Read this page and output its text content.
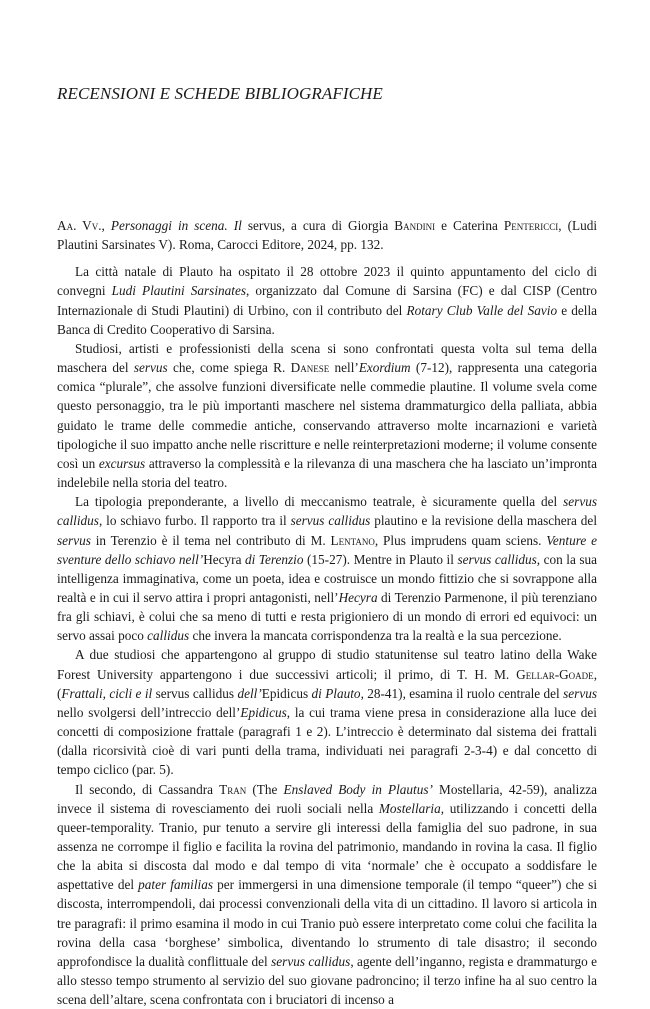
RECENSIONI E SCHEDE BIBLIOGRAFICHE

Aa. Vv., Personaggi in scena. Il servus, a cura di Giorgia Bandini e Caterina Pentericci, (Ludi Plautini Sarsinates V). Roma, Carocci Editore, 2024, pp. 132.

La città natale di Plauto ha ospitato il 28 ottobre 2023 il quinto appuntamento del ciclo di convegni Ludi Plautini Sarsinates, organizzato dal Comune di Sarsina (FC) e dal CISP (Centro Internazionale di Studi Plautini) di Urbino, con il contributo del Rotary Club Valle del Savio e della Banca di Credito Cooperativo di Sarsina.

Studiosi, artisti e professionisti della scena si sono confrontati questa volta sul tema della maschera del servus che, come spiega R. Danese nell’Exordium (7-12), rappresenta una categoria comica “plurale”, che assolve funzioni diversificate nelle commedie plautine. Il volume svela come questo personaggio, tra le più importanti maschere nel sistema drammaturgico della palliata, abbia guidato le trame delle commedie antiche, conservando attraverso molte incarnazioni e varietà tipologiche il suo impatto anche nelle riscritture e nelle reinterpretazioni moderne; il volume consente così un excursus attraverso la complessità e la rilevanza di una maschera che ha lasciato un’impronta indelebile nella storia del teatro.

La tipologia preponderante, a livello di meccanismo teatrale, è sicuramente quella del servus callidus, lo schiavo furbo. Il rapporto tra il servus callidus plautino e la revisione della maschera del servus in Terenzio è il tema nel contributo di M. Lentano, Plus imprudens quam sciens. Venture e sventure dello schiavo nell’Hecyra di Terenzio (15-27). Mentre in Plauto il servus callidus, con la sua intelligenza immaginativa, come un poeta, idea e costruisce un mondo fittizio che si sovrappone alla realtà e in cui il servo attira i propri antagonisti, nell’Hecyra di Terenzio Parmenone, il più terenziano fra gli schiavi, è colui che sa meno di tutti e resta prigioniero di un mondo di errori ed equivoci: un servo assai poco callidus che invera la mancata corrispondenza tra la realtà e la sua percezione.

A due studiosi che appartengono al gruppo di studio statunitense sul teatro latino della Wake Forest University appartengono i due successivi articoli; il primo, di T. H. M. Gellar-Goade, (Frattali, cicli e il servus callidus dell’Epidicus di Plauto, 28-41), esamina il ruolo centrale del servus nello svolgersi dell’intreccio dell’Epidicus, la cui trama viene presa in considerazione alla luce dei concetti di composizione frattale (paragrafi 1 e 2). L’intreccio è determinato dal sistema dei frattali (dalla ricorsività cioè di vari punti della trama, individuati nei paragrafi 2-3-4) e dal concetto di tempo ciclico (par. 5).

Il secondo, di Cassandra Tran (The Enslaved Body in Plautus’ Mostellaria, 42-59), analizza invece il sistema di rovesciamento dei ruoli sociali nella Mostellaria, utilizzando i concetti della queer-temporality. Tranio, pur tenuto a servire gli interessi della famiglia del suo padrone, in sua assenza ne corrompe il figlio e facilita la rovina del patrimonio, mandando in rovina la casa. Il figlio che la abita si discosta dal modo e dal tempo di vita ‘normale’ che è occupato a soddisfare le aspettative del pater familias per immergersi in una dimensione temporale (il tempo “queer”) che si discosta, interrompendoli, dai processi convenzionali della vita di un cittadino. Il lavoro si articola in tre paragrafi: il primo esamina il modo in cui Tranio può essere interpretato come colui che facilita la rovina della casa ‘borghese’ simbolica, diventando lo strumento di tale disastro; il secondo approfondisce la dualità conflittuale del servus callidus, agente dell’inganno, regista e drammaturgo e allo stesso tempo strumento al servizio del suo giovane padroncino; il terzo infine ha al suo centro la scena dell’altare, scena confrontata con i bruciatori di incenso a
